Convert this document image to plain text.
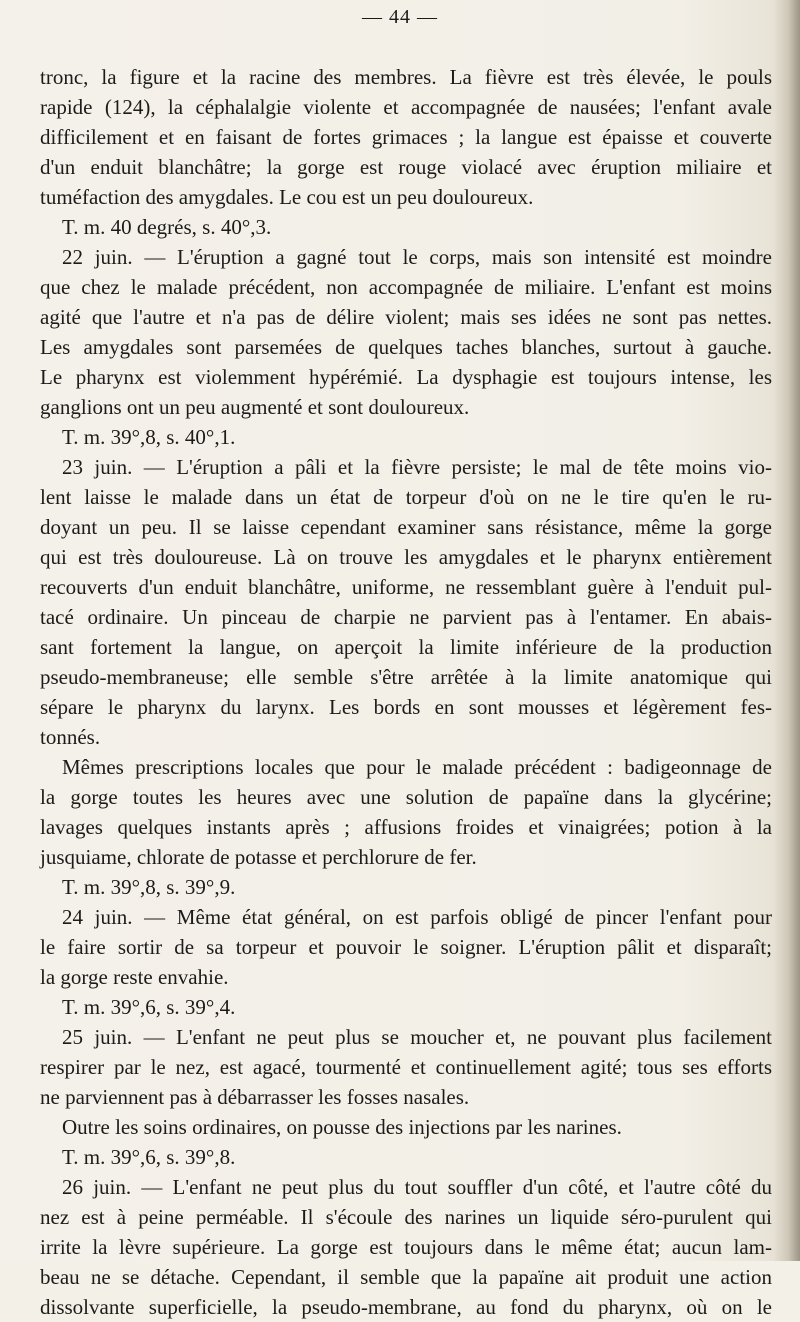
— 44 —
tronc, la figure et la racine des membres. La fièvre est très élevée, le pouls
rapide (124), la céphalalgie violente et accompagnée de nausées; l'enfant avale
difficilement et en faisant de fortes grimaces ; la langue est épaisse et couverte
d'un enduit blanchâtre; la gorge est rouge violacé avec éruption miliaire et
tuméfaction des amygdales. Le cou est un peu douloureux.
T. m. 40 degrés, s. 40°,3.
22 juin. — L'éruption a gagné tout le corps, mais son intensité est moindre
que chez le malade précédent, non accompagnée de miliaire. L'enfant est moins
agité que l'autre et n'a pas de délire violent; mais ses idées ne sont pas nettes.
Les amygdales sont parsemées de quelques taches blanches, surtout à gauche.
Le pharynx est violemment hypérémié. La dysphagie est toujours intense, les
ganglions ont un peu augmenté et sont douloureux.
T. m. 39°,8, s. 40°,1.
23 juin. — L'éruption a pâli et la fièvre persiste; le mal de tête moins vio-
lent laisse le malade dans un état de torpeur d'où on ne le tire qu'en le ru-
doyant un peu. Il se laisse cependant examiner sans résistance, même la gorge
qui est très douloureuse. Là on trouve les amygdales et le pharynx entièrement
recouverts d'un enduit blanchâtre, uniforme, ne ressemblant guère à l'enduit pul-
tacé ordinaire. Un pinceau de charpie ne parvient pas à l'entamer. En abais-
sant fortement la langue, on aperçoit la limite inférieure de la production
pseudo-membraneuse; elle semble s'être arrêtée à la limite anatomique qui
sépare le pharynx du larynx. Les bords en sont mousses et légèrement fes-
tonnés.
Mêmes prescriptions locales que pour le malade précédent : badigeonnage de
la gorge toutes les heures avec une solution de papaïne dans la glycérine;
lavages quelques instants après ; affusions froides et vinaigrées; potion à la
jusquiame, chlorate de potasse et perchlorure de fer.
T. m. 39°,8, s. 39°,9.
24 juin. — Même état général, on est parfois obligé de pincer l'enfant pour
le faire sortir de sa torpeur et pouvoir le soigner. L'éruption pâlit et disparaît;
la gorge reste envahie.
T. m. 39°,6, s. 39°,4.
25 juin. — L'enfant ne peut plus se moucher et, ne pouvant plus facilement
respirer par le nez, est agacé, tourmenté et continuellement agité; tous ses efforts
ne parviennent pas à débarrasser les fosses nasales.
Outre les soins ordinaires, on pousse des injections par les narines.
T. m. 39°,6, s. 39°,8.
26 juin. — L'enfant ne peut plus du tout souffler d'un côté, et l'autre côté du
nez est à peine perméable. Il s'écoule des narines un liquide séro-purulent qui
irrite la lèvre supérieure. La gorge est toujours dans le même état; aucun lam-
beau ne se détache. Cependant, il semble que la papaïne ait produit une action
dissolvante superficielle, la pseudo-membrane, au fond du pharynx, où on le
